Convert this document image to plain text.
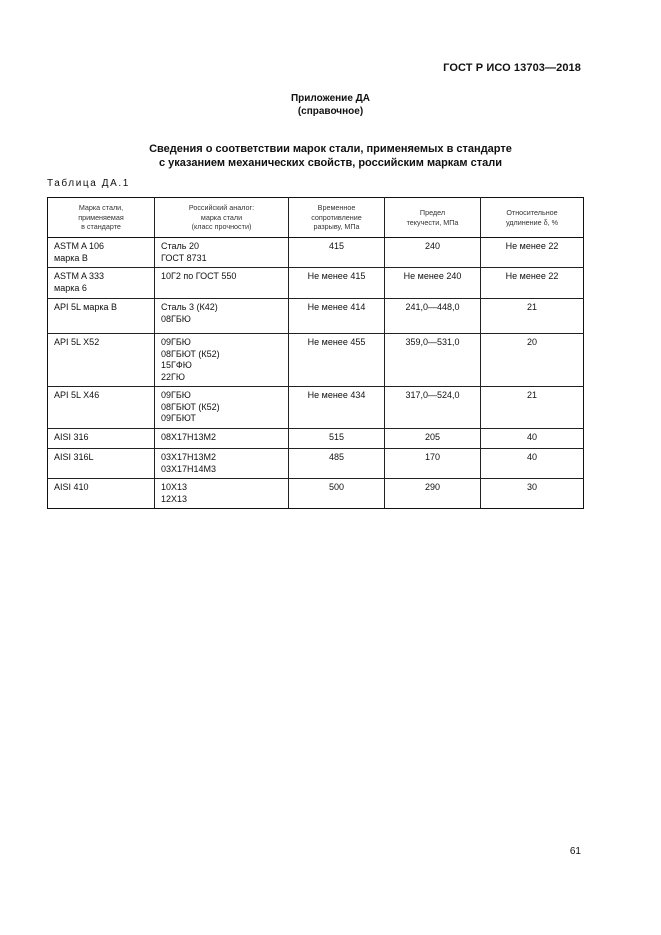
ГОСТ Р ИСО 13703—2018
Приложение ДА
(справочное)
Сведения о соответствии марок стали, применяемых в стандарте
с указанием механических свойств, российским маркам стали
Таблица ДА.1
Марка стали,
применяемая
в стандарте	Российский аналог:
марка стали
(класс прочности)	Временное
сопротивление
разрыву, МПа	Предел
текучести, МПа	Относительное
удлинение δ, %

ASTM A 106
марка В	Сталь 20
ГОСТ 8731	415	240	Не менее 22

ASTM A 333
марка 6	10Г2 по ГОСТ 550	Не менее 415	Не менее 240	Не менее 22

API 5L марка В	Сталь 3 (К42)
08ГБЮ	Не менее 414	241,0—448,0	21

API 5L X52	09ГБЮ
08ГБЮТ (К52)
15ГФЮ
22ГЮ	Не менее 455	359,0—531,0	20

API 5L X46	09ГБЮ
08ГБЮТ (К52)
09ГБЮТ	Не менее 434	317,0—524,0	21

AISI 316	08Х17Н13М2	515	205	40

AISI 316L	03Х17Н13М2
03Х17Н14М3	485	170	40

AISI 410	10Х13
12Х13	500	290	30
61
